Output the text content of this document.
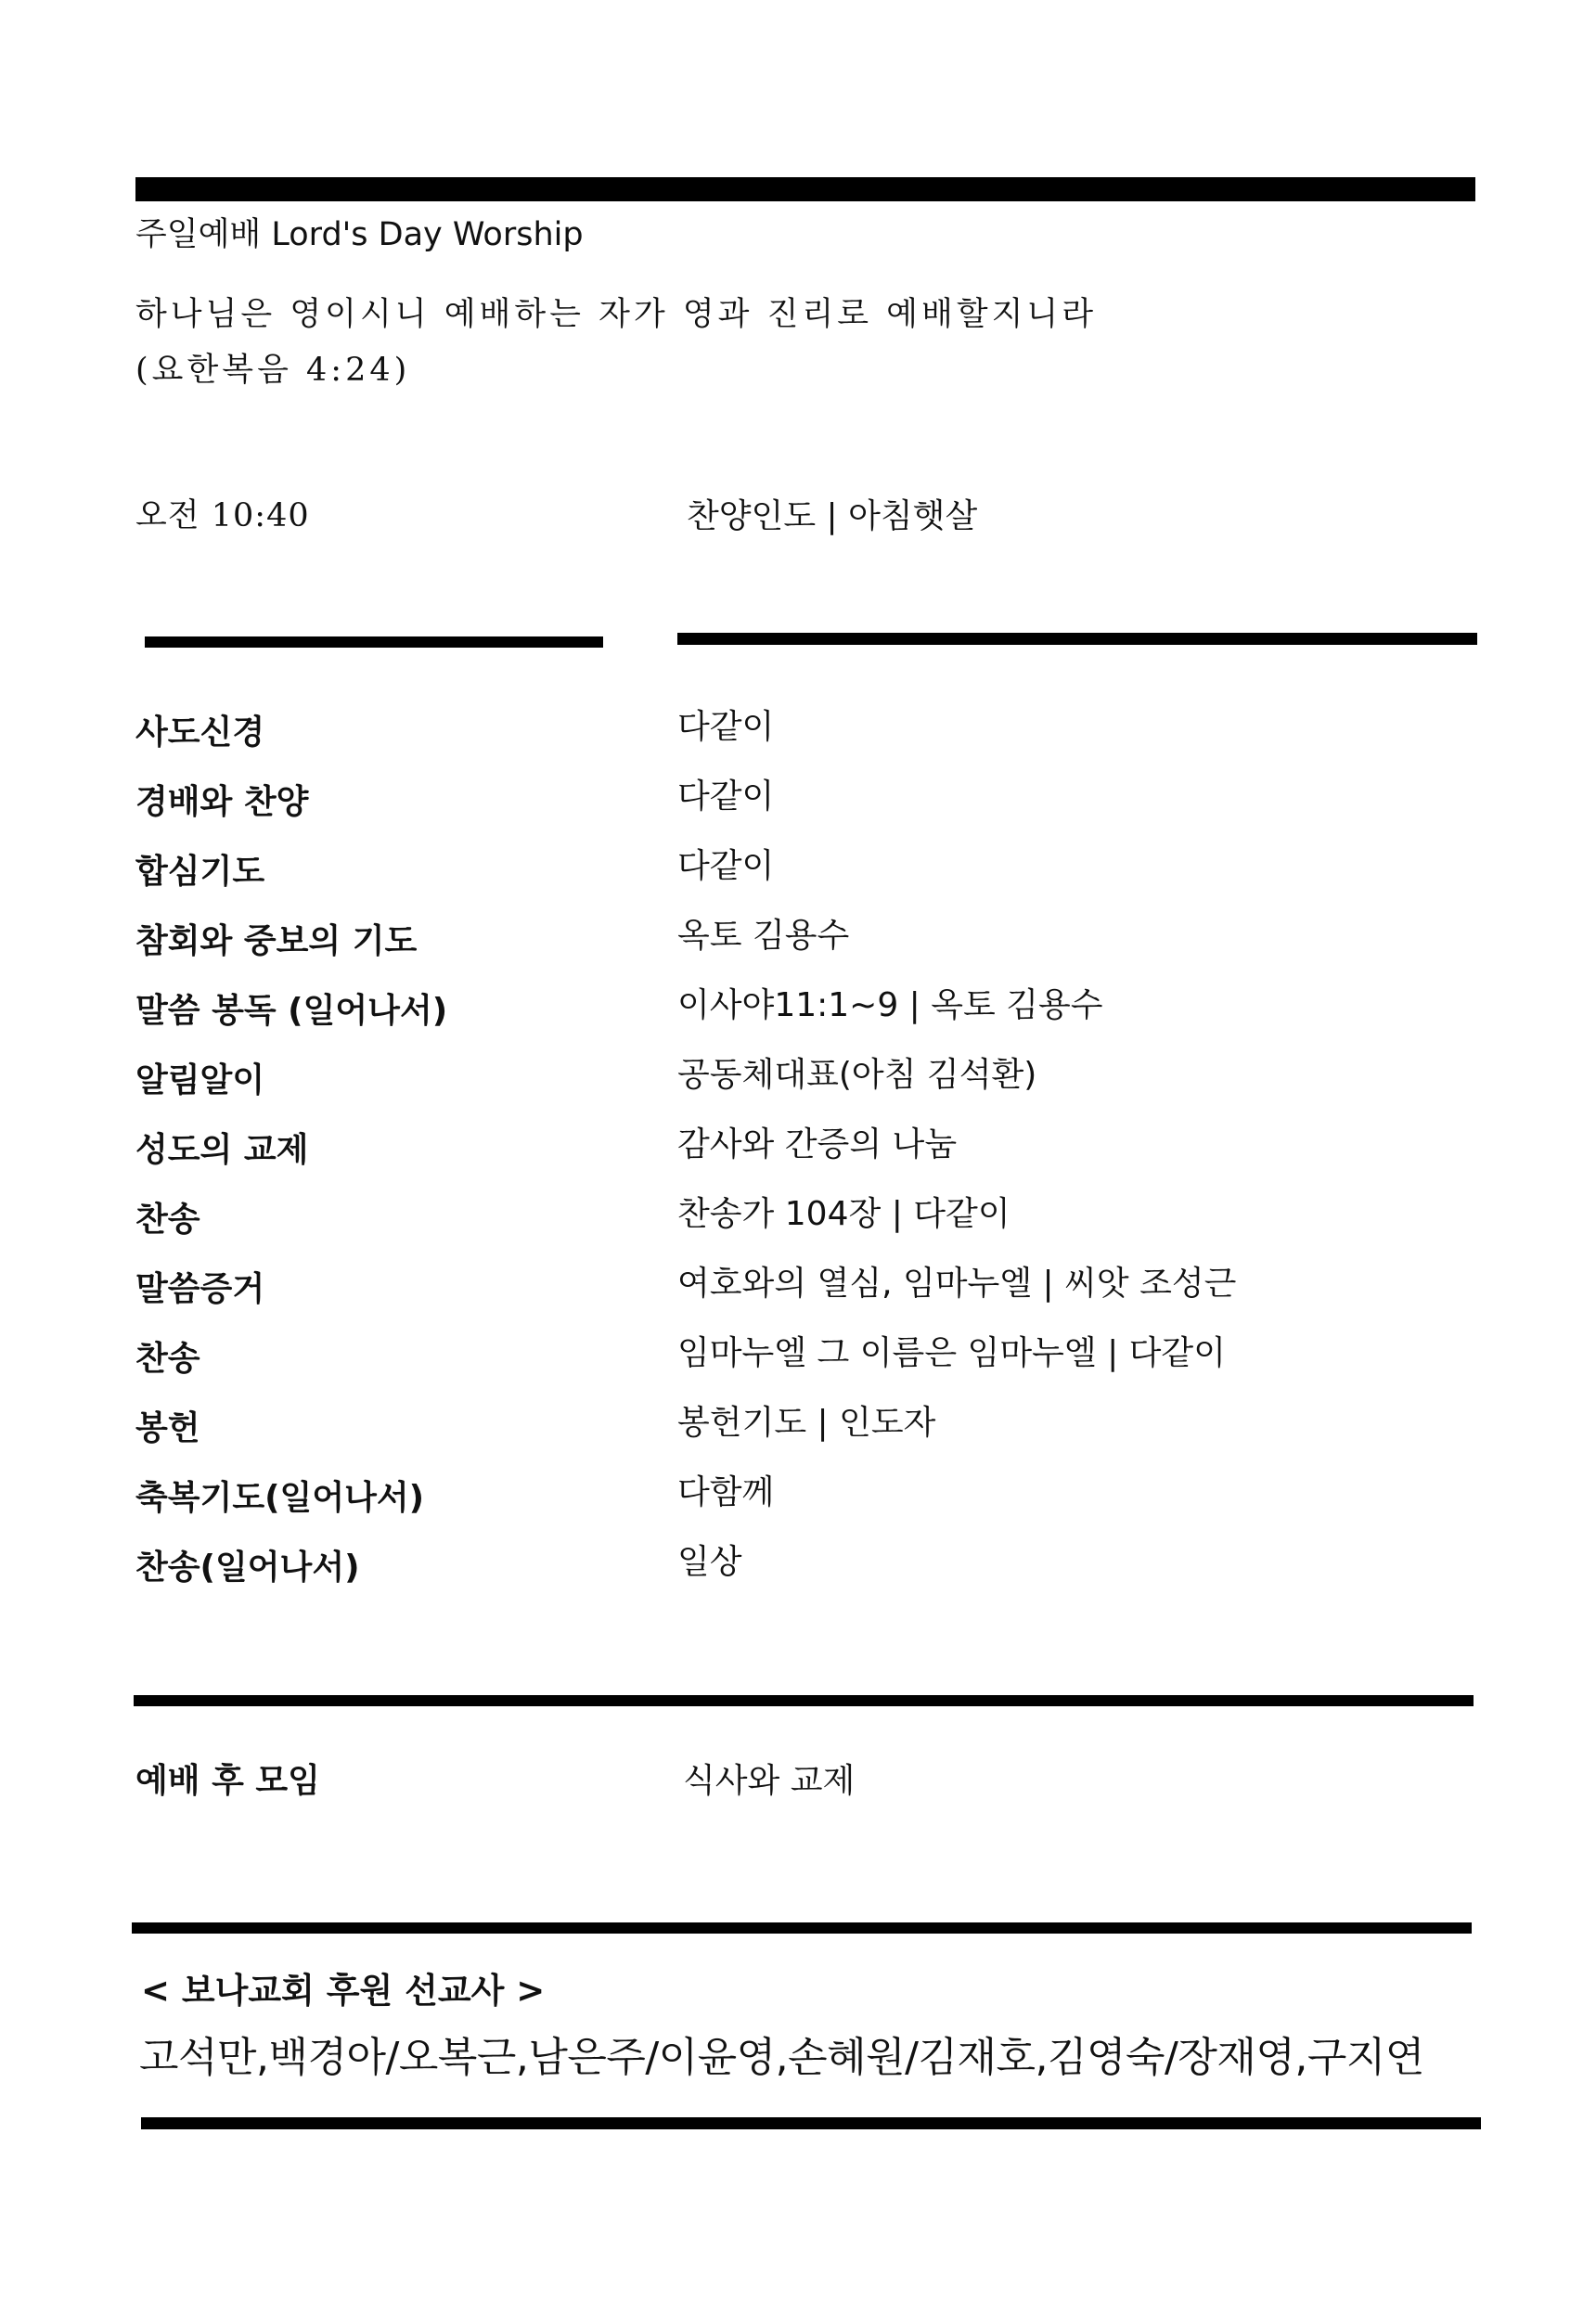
주일예배 Lord's Day Worship
하나님은 영이시니 예배하는 자가 영과 진리로 예배할지니라
(요한복음 4:24)
오전 10:40	찬양인도 | 아침햇살
사도신경	다같이
경배와 찬양	다같이
합심기도	다같이
참회와 중보의 기도	옥토 김용수
말씀 봉독 (일어나서)	이사야11:1~9 | 옥토 김용수
알림알이	공동체대표(아침 김석환)
성도의 교제	감사와 간증의 나눔
찬송	찬송가 104장 | 다같이
말씀증거	여호와의 열심, 임마누엘 | 씨앗 조성근
찬송	임마누엘 그 이름은 임마누엘 | 다같이
봉헌	봉헌기도 | 인도자
축복기도(일어나서)	다함께
찬송(일어나서)	일상
예배 후 모임	식사와 교제
< 보나교회 후원 선교사 >
고석만,백경아/오복근,남은주/이윤영,손혜원/김재호,김영숙/장재영,구지연
